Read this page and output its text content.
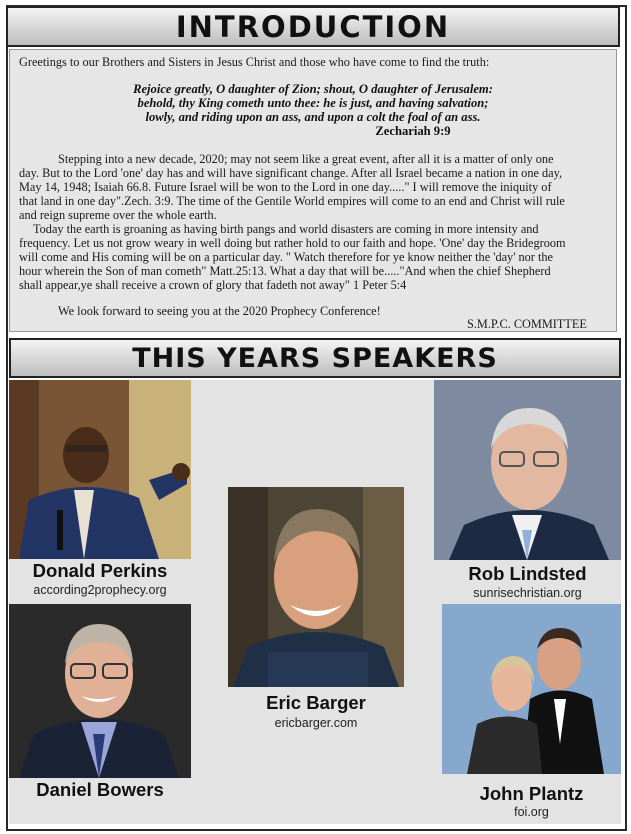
INTRODUCTION
Greetings to our Brothers and Sisters in Jesus Christ and those who have come to find the truth:
Rejoice greatly, O daughter of Zion; shout, O daughter of Jerusalem:
behold, thy King cometh unto thee: he is just, and having salvation;
lowly, and riding upon an ass, and upon a colt the foal of an ass.
Zechariah 9:9
Stepping into a new decade, 2020; may not seem like a great event, after all it is a matter of only one
day. But to the Lord 'one' day has and will have significant change. After all Israel became a nation in one day,
May 14, 1948; Isaiah 66.8. Future Israel will be won to the Lord in one day....." I will remove the iniquity of
that land in one day".Zech. 3:9. The time of the Gentile World empires will come to an end and Christ will rule
and reign supreme over the whole earth.
Today the earth is groaning as having birth pangs and world disasters are coming in more intensity and
frequency. Let us not grow weary in well doing but rather hold to our faith and hope. 'One' day the Bridegroom
will come and His coming will be on a particular day. " Watch therefore for ye know neither the 'day' nor the
hour wherein the Son of man cometh" Matt.25:13. What a day that will be....."And when the chief Shepherd
shall appear,ye shall receive a crown of glory that fadeth not away" 1 Peter 5:4
We look forward to seeing you at the 2020 Prophecy Conference!
S.M.P.C. COMMITTEE
THIS YEARS SPEAKERS
Donald Perkins
according2prophecy.org
Rob Lindsted
sunrisechristian.org
Eric Barger
ericbarger.com
Daniel Bowers	John Plantz
foi.org
